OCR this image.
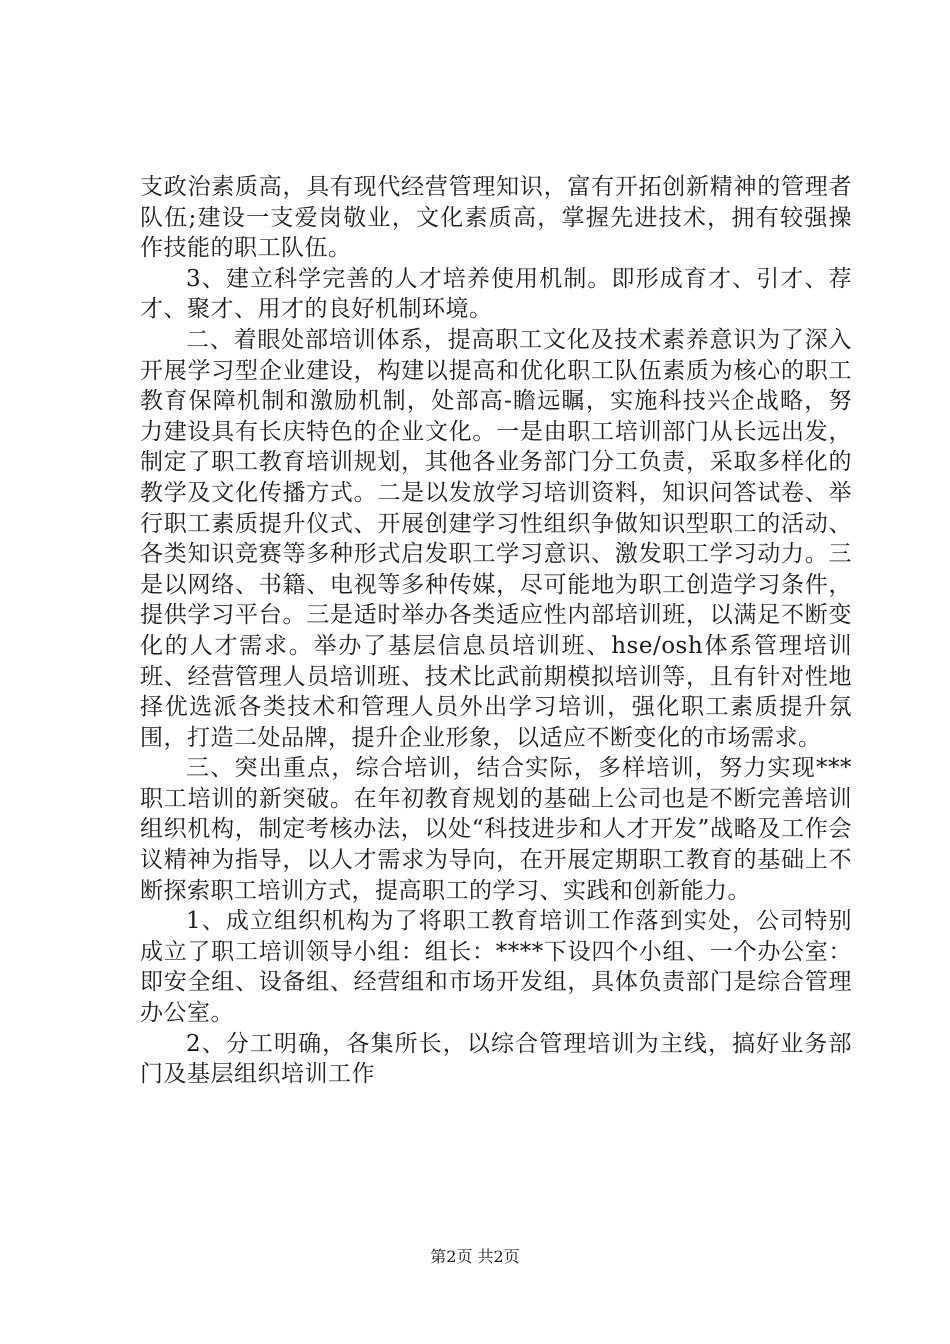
支政治素质高，具有现代经营管理知识，富有开拓创新精神的管理者队伍;建设一支爱岗敬业，文化素质高，掌握先进技术，拥有较强操作技能的职工队伍。

3、建立科学完善的人才培养使用机制。即形成育才、引才、荐才、聚才、用才的良好机制环境。

二、着眼处部培训体系，提高职工文化及技术素养意识为了深入开展学习型企业建设，构建以提高和优化职工队伍素质为核心的职工教育保障机制和激励机制，处部高-瞻远瞩，实施科技兴企战略，努力建设具有长庆特色的企业文化。一是由职工培训部门从长远出发，制定了职工教育培训规划，其他各业务部门分工负责，采取多样化的教学及文化传播方式。二是以发放学习培训资料，知识问答试卷、举行职工素质提升仪式、开展创建学习性组织争做知识型职工的活动、各类知识竞赛等多种形式启发职工学习意识、激发职工学习动力。三是以网络、书籍、电视等多种传媒，尽可能地为职工创造学习条件，提供学习平台。三是适时举办各类适应性内部培训班，以满足不断变化的人才需求。举办了基层信息员培训班、hse/osh体系管理培训班、经营管理人员培训班、技术比武前期模拟培训等，且有针对性地择优选派各类技术和管理人员外出学习培训，强化职工素质提升氛围，打造二处品牌，提升企业形象，以适应不断变化的市场需求。

三、突出重点，综合培训，结合实际，多样培训，努力实现***职工培训的新突破。在年初教育规划的基础上公司也是不断完善培训组织机构，制定考核办法，以处“科技进步和人才开发”战略及工作会议精神为指导，以人才需求为导向，在开展定期职工教育的基础上不断探索职工培训方式，提高职工的学习、实践和创新能力。

1、成立组织机构为了将职工教育培训工作落到实处，公司特别成立了职工培训领导小组：组长：****下设四个小组、一个办公室：即安全组、设备组、经营组和市场开发组，具体负责部门是综合管理办公室。

2、分工明确，各集所长，以综合管理培训为主线，搞好业务部门及基层组织培训工作

第2页 共2页
